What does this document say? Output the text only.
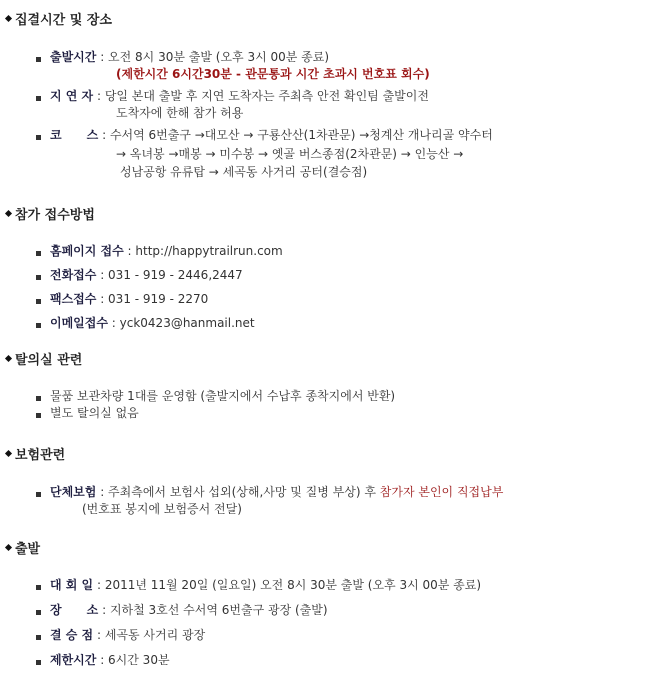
집결시간 및 장소
출발시간 : 오전 8시 30분 출발 (오후 3시 00분 종료)
(제한시간 6시간30분 - 관문통과 시간 초과시 번호표 회수)
지 연 자 : 당일 본대 출발 후 지연 도착자는 주최측 안전 확인팀 출발이전
도착자에 한해 참가 허용
코      스 : 수서역 6번출구 →대모산 → 구룡산산(1차관문) →청계산 개나리골 약수터
→ 옥녀봉 →매봉 → 미수봉 → 옛골 버스종점(2차관문) → 인능산 →
성남공항 유류탑 → 세곡동 사거리 공터(결승점)
참가 접수방법
홈페이지 접수 : http://happytrailrun.com
전화접수 : 031 - 919 - 2446,2447
팩스접수 : 031 - 919 - 2270
이메일접수 : yck0423@hanmail.net
탈의실 관련
물품 보관차량 1대를 운영함 (출발지에서 수납후 종착지에서 반환)
별도 탈의실 없음
보험관련
단체보험 : 주최측에서 보험사 섭외(상해,사망 및 질병 부상) 후 참가자 본인이 직접납부
(번호표 봉지에 보험증서 전달)
출발
대 회 일 : 2011년 11월 20일 (일요일) 오전 8시 30분 출발 (오후 3시 00분 종료)
장      소 : 지하철 3호선 수서역 6번출구 광장 (출발)
결 승 점 : 세곡동 사거리 광장
제한시간 : 6시간 30분
